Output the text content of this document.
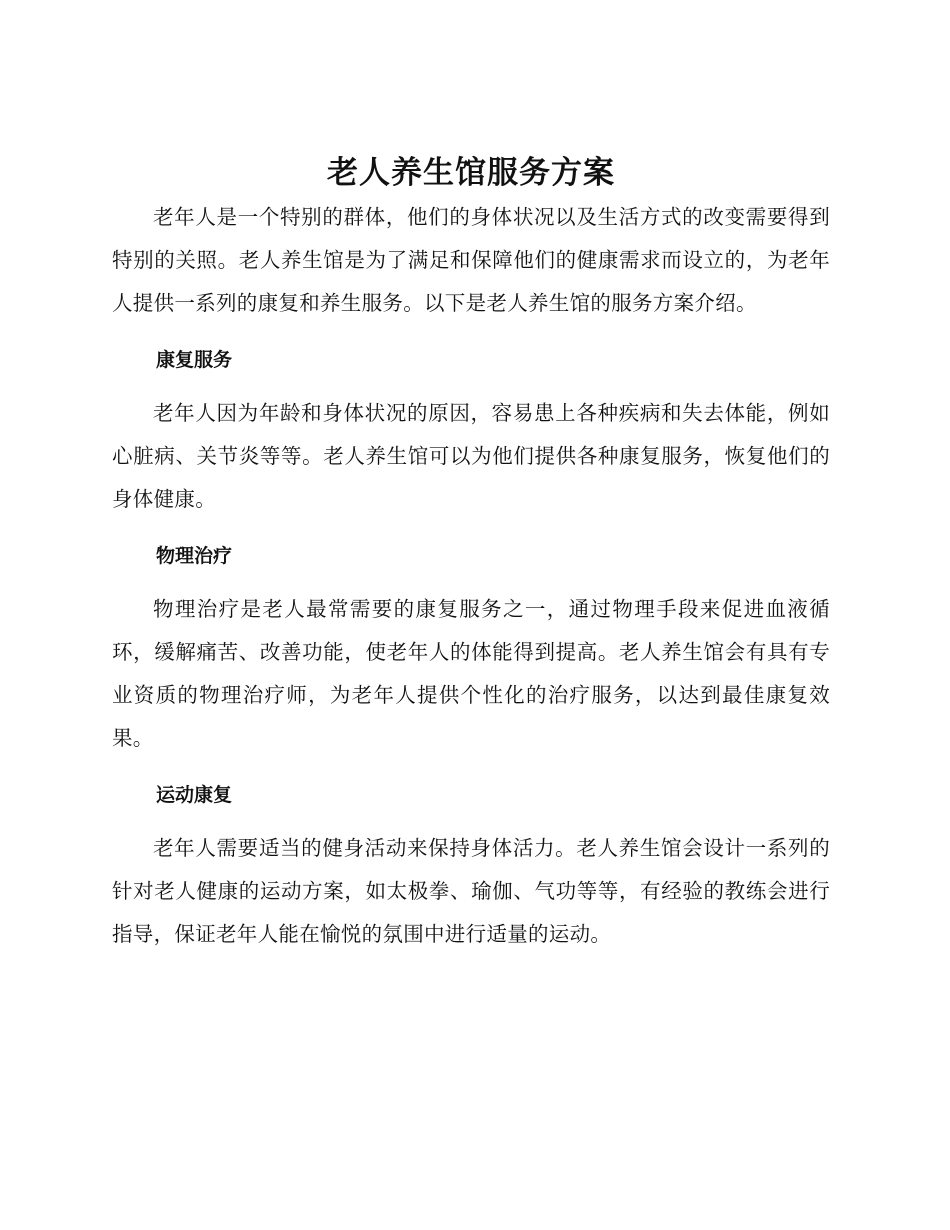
老人养生馆服务方案

老年人是一个特别的群体，他们的身体状况以及生活方式的改变需要得到特别的关照。老人养生馆是为了满足和保障他们的健康需求而设立的，为老年人提供一系列的康复和养生服务。以下是老人养生馆的服务方案介绍。

康复服务

老年人因为年龄和身体状况的原因，容易患上各种疾病和失去体能，例如心脏病、关节炎等等。老人养生馆可以为他们提供各种康复服务，恢复他们的身体健康。

物理治疗

物理治疗是老人最常需要的康复服务之一，通过物理手段来促进血液循环，缓解痛苦、改善功能，使老年人的体能得到提高。老人养生馆会有具有专业资质的物理治疗师，为老年人提供个性化的治疗服务，以达到最佳康复效果。

运动康复

老年人需要适当的健身活动来保持身体活力。老人养生馆会设计一系列的针对老人健康的运动方案，如太极拳、瑜伽、气功等等，有经验的教练会进行指导，保证老年人能在愉悦的氛围中进行适量的运动。
